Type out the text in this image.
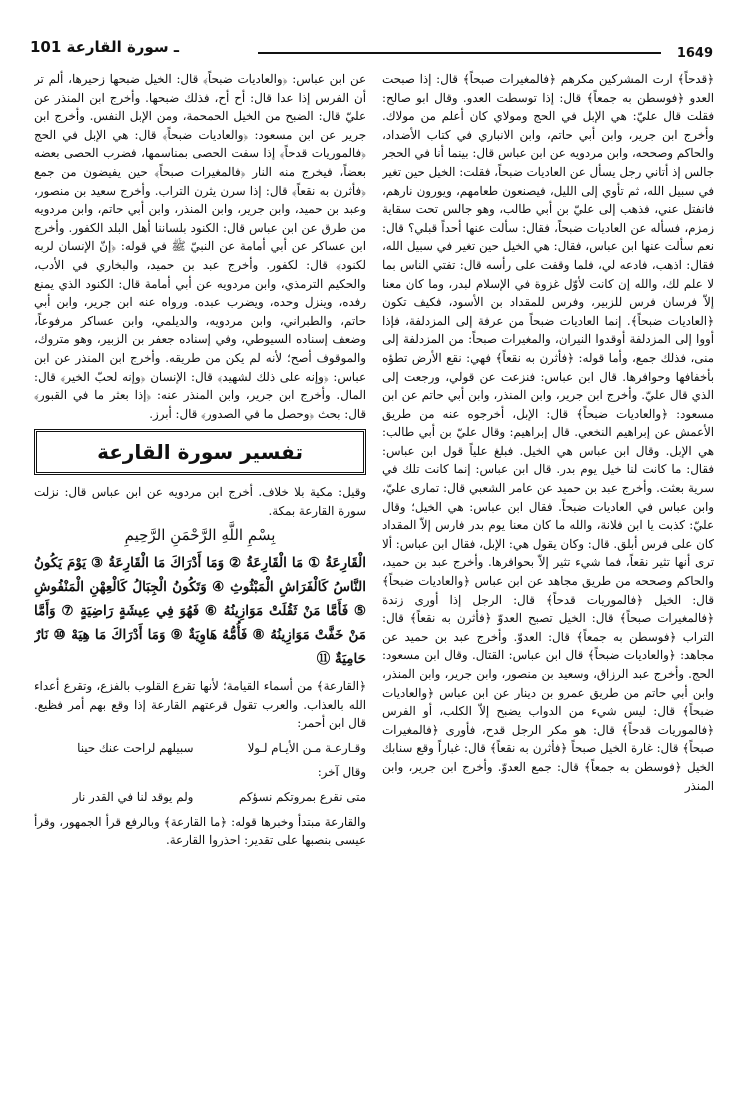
101 ـ سورة القارعة	1649

﴿قدحاً﴾ ارت المشركين مكرهم ﴿فالمغيرات صبحاً﴾ قال: إذا صبحت العدو ﴿فوسطن به جمعاً﴾ قال: إذا توسطت العدو. وقال ابو صالح: فقلت قال عليّ: هي الإبل في الحج ومولاي كان أعلم من مولاك. وأخرج ابن جرير، وابن أبي حاتم، وابن الانباري في كتاب الأضداد، والحاكم وصححه، وابن مردويه عن ابن عباس قال: بينما أنا في الحجر جالس إذ أتاني رجل يسأل عن العاديات ضبحاً، فقلت: الخيل حين تغير في سبيل الله، ثم تأوي إلى الليل، فيصنعون طعامهم، ويورون نارهم، فانفتل عني، فذهب إلى عليّ بن أبي طالب، وهو جالس تحت سقاية زمزم، فسأله عن العاديات ضبحاً، فقال: سألت عنها أحداً قبلي؟ قال: نعم سألت عنها ابن عباس، فقال: هي الخيل حين تغير في سبيل الله، فقال: اذهب، فادعه لي، فلما وقفت على رأسه قال: تفتي الناس بما لا علم لك، والله إن كانت لأوّل غزوة في الإسلام لبدر، وما كان معنا إلاّ فرسان فرس للزبير، وفرس للمقداد بن الأسود، فكيف تكون ﴿العاديات ضبحاً﴾. إنما العاديات ضبحاً من عرفة إلى المزدلفة، فإذا أووا إلى المزدلفة أوقدوا النيران، والمغيرات صبحاً: من المزدلفة إلى منى، فذلك جمع، وأما قوله: ﴿فأثرن به نقعاً﴾ فهي: نقع الأرض تطؤه بأخفافها وحوافرها. قال ابن عباس: فنزعت عن قولي، ورجعت إلى الذي قال عليّ. وأخرج ابن جرير، وابن المنذر، وابن أبي حاتم عن ابن مسعود: ﴿والعاديات ضبحاً﴾ قال: الإبل، أخرجوه عنه من طريق الأعمش عن إبراهيم النخعي. قال إبراهيم: وقال عليّ بن أبي طالب: هي الإبل. وقال ابن عباس هي الخيل. فبلغ علياً قول ابن عباس: فقال: ما كانت لنا خيل يوم بدر. قال ابن عباس: إنما كانت تلك في سرية بعثت. وأخرج عبد بن حميد عن عامر الشعبي قال: تمارى عليّ، وابن عباس في العاديات ضبحاً. فقال ابن عباس: هي الخيل؛ وقال عليّ: كذبت يا ابن فلانة، والله ما كان معنا يوم بدر فارس إلاّ المقداد كان على فرس أبلق. قال: وكان يقول هي: الإبل، فقال ابن عباس: ألا ترى أنها تثير نقعاً، فما شيء تثير إلاّ بحوافرها. وأخرج عبد بن حميد، والحاكم وصححه من طريق مجاهد عن ابن عباس ﴿والعاديات ضبحاً﴾ قال: الخيل ﴿فالموريات قدحاً﴾ قال: الرجل إذا أورى زندة ﴿فالمغيرات صبحاً﴾ قال: الخيل تصبح العدوّ ﴿فأثرن به نقعاً﴾ قال: التراب ﴿فوسطن به جمعاً﴾ قال: العدوّ. وأخرج عبد بن حميد عن مجاهد: ﴿والعاديات ضبحاً﴾ قال ابن عباس: القتال. وقال ابن مسعود: الحج. وأخرج عبد الرزاق، وسعيد بن منصور، وابن جرير، وابن المنذر، وابن أبي حاتم من طريق عمرو بن دينار عن ابن عباس ﴿والعاديات ضبحاً﴾ قال: ليس شيء من الدواب يضبح إلاّ الكلب، أو الفرس ﴿فالموريات قدحاً﴾ قال: هو مكر الرجل قدح، فأورى ﴿فالمغيرات صبحاً﴾ قال: غارة الخيل صبحاً ﴿فأثرن به نقعاً﴾ قال: غباراً وقع سنابك الخيل ﴿فوسطن به جمعاً﴾ قال: جمع العدوّ. وأخرج ابن جرير، وابن المنذر

عن ابن عباس: ﴿والعاديات ضبحاً﴾ قال: الخيل ضبحها زحيرها، ألم تر أن الفرس إذا عدا قال: أح أح، فذلك ضبحها. وأخرج ابن المنذر عن عليّ قال: الضبح من الخيل الحمحمة، ومن الإبل النفس. وأخرج ابن جرير عن ابن مسعود: ﴿والعاديات ضبحاً﴾ قال: هي الإبل في الحج ﴿فالموريات قدحاً﴾ إذا سفت الحصى بمناسمها، فضرب الحصى بعضه بعضاً، فيخرج منه النار ﴿فالمغيرات صبحاً﴾ حين يفيضون من جمع ﴿فأثرن به نقعاً﴾ قال: إذا سرن يثرن التراب. وأخرج سعيد بن منصور، وعبد بن حميد، وابن جرير، وابن المنذر، وابن أبي حاتم، وابن مردويه من طرق عن ابن عباس قال: الكنود بلساننا أهل البلد الكفور. وأخرج ابن عساكر عن أبي أمامة عن النبيّ ﷺ في قوله: ﴿إنّ الإنسان لربه لكنود﴾ قال: لكفور. وأخرج عبد بن حميد، والبخاري في الأدب، والحكيم الترمذي، وابن مردويه عن أبي أمامة قال: الكنود الذي يمنع رفده، وينزل وحده، ويضرب عبده. ورواه عنه ابن جرير، وابن أبي حاتم، والطبراني، وابن مردويه، والديلمي، وابن عساكر مرفوعاً، وضعف إسناده السيوطي، وفي إسناده جعفر بن الزبير، وهو متروك، والموقوف أصح؛ لأنه لم يكن من طريقه. وأخرج ابن المنذر عن ابن عباس: ﴿وإنه على ذلك لشهيد﴾ قال: الإنسان ﴿وإنه لحبّ الخير﴾ قال: المال. وأخرج ابن جرير، وابن المنذر عنه: ﴿إذا بعثر ما في القبور﴾ قال: بحث ﴿وحصل ما في الصدور﴾ قال: أبرز.

تفسير سورة القارعة

وقيل: مكية بلا خلاف. أخرج ابن مردويه عن ابن عباس قال: نزلت سورة القارعة بمكة.

بِسْمِ اللَّهِ الرَّحْمَنِ الرَّحِيمِ
الْقَارِعَةُ ① مَا الْقَارِعَةُ ② وَمَا أَدْرَاكَ مَا الْقَارِعَةُ ③ يَوْمَ يَكُونُ النَّاسُ كَالْفَرَاشِ الْمَبْثُوثِ ④ وَتَكُونُ الْجِبَالُ كَالْعِهْنِ الْمَنْفُوشِ ⑤ فَأَمَّا مَنْ ثَقُلَتْ مَوَازِينُهُ ⑥ فَهُوَ فِي عِيشَةٍ رَاضِيَةٍ ⑦ وَأَمَّا مَنْ خَفَّتْ مَوَازِينُهُ ⑧ فَأُمُّهُ هَاوِيَةٌ ⑨ وَمَا أَدْرَاكَ مَا هِيَهْ ⑩ نَارٌ حَامِيَةٌ ⑪

﴿القارعة﴾ من أسماء القيامة؛ لأنها تقرع القلوب بالفزع، وتقرع أعداء الله بالعذاب. والعرب تقول قرعتهم القارعة إذا وقع بهم أمر فظيع. قال ابن أحمر:

وقـارعـة مـن الأيـام لـولا
سبيلهم لراحت عنك حينا

وقال آخر:

متى نقرع بمروتكم نسؤكم
ولم يوقد لنا في القدر نار

والقارعة مبتدأ وخبرها قوله: ﴿ما القارعة﴾ وبالرفع قرأ الجمهور، وقرأ عيسى بنصبها على تقدير: احذروا القارعة.
